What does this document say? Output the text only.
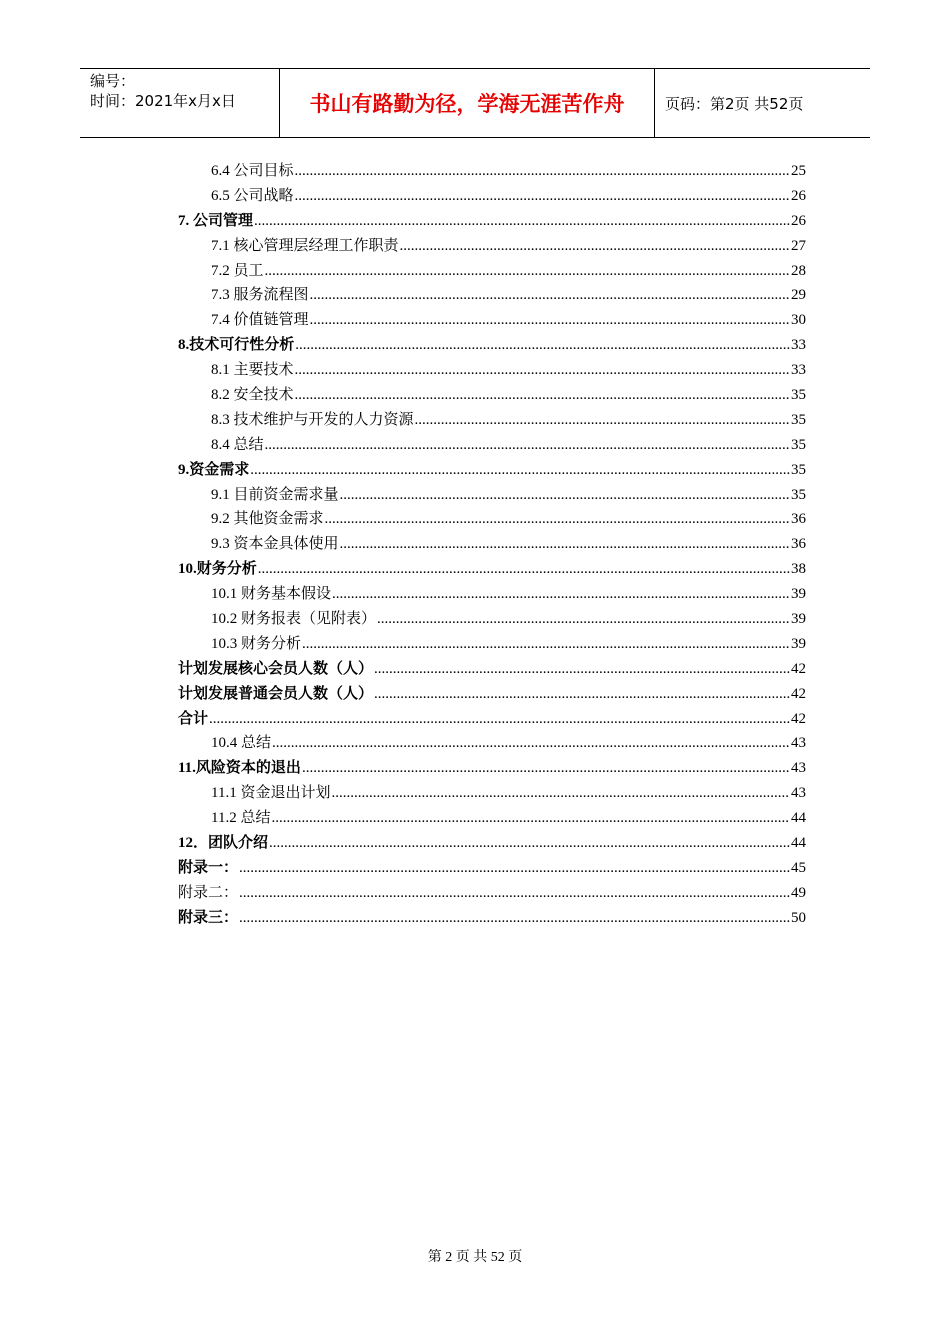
编号：
时间：2021年x月x日	书山有路勤为径，学海无涯苦作舟	页码：第2页 共52页
6.4 公司目标 .....	25
6.5 公司战略 .....	26
7. 公司管理 .....	26
7.1 核心管理层经理工作职责 .....	27
7.2 员工 .....	28
7.3 服务流程图 .....	29
7.4 价值链管理 .....	30
8.技术可行性分析 .....	33
8.1 主要技术 .....	33
8.2 安全技术 .....	35
8.3 技术维护与开发的人力资源 .....	35
8.4 总结 .....	35
9.资金需求 .....	35
9.1 目前资金需求量 .....	35
9.2 其他资金需求 .....	36
9.3 资本金具体使用 .....	36
10.财务分析 .....	38
10.1 财务基本假设 .....	39
10.2 财务报表（见附表） .....	39
10.3 财务分析 .....	39
计划发展核心会员人数（人） .....	42
计划发展普通会员人数（人） .....	42
合计 .....	42
10.4 总结 .....	43
11.风险资本的退出 .....	43
11.1 资金退出计划 .....	43
11.2 总结 .....	44
12．团队介绍 .....	44
附录一： .....	45
附录二： .....	49
附录三： .....	50
第 2 页 共 52 页
